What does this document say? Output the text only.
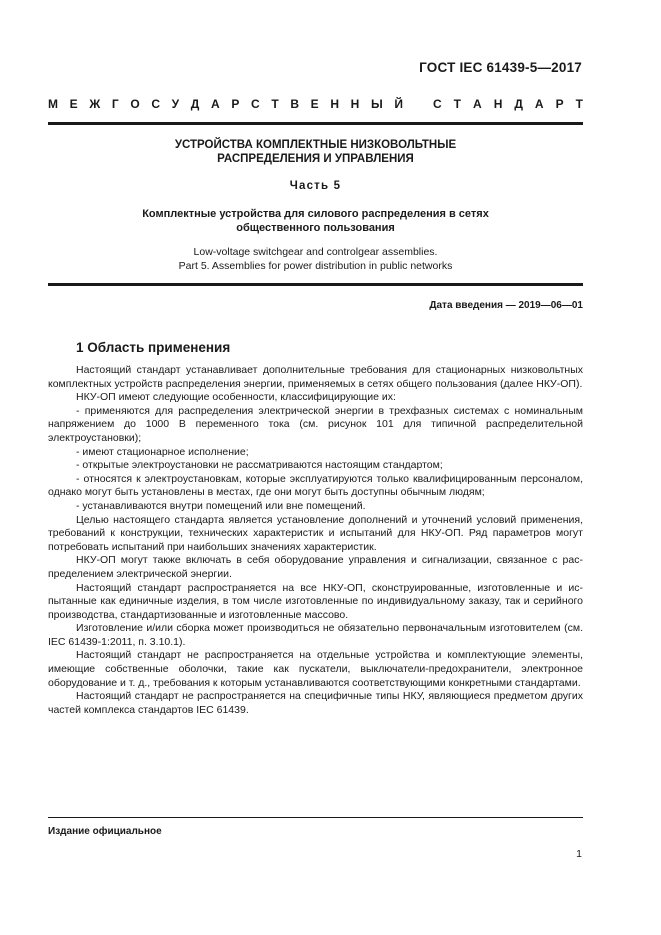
ГОСТ IEC 61439-5—2017
М Е Ж Г О С У Д А Р С Т В Е Н Н Ы Й	С Т А Н Д А Р Т
УСТРОЙСТВА КОМПЛЕКТНЫЕ НИЗКОВОЛЬТНЫЕ
РАСПРЕДЕЛЕНИЯ И УПРАВЛЕНИЯ
Часть 5
Комплектные устройства для силового распределения в сетях
общественного пользования
Low-voltage switchgear and controlgear assemblies.
Part 5. Assemblies for power distribution in public networks
Дата введения — 2019—06—01
1 Область применения

Настоящий стандарт устанавливает дополнительные требования для стационарных низковольтных комплектных устройств распределения энергии, применяемых в сетях общего пользования (далее НКУ-ОП).

НКУ-ОП имеют следующие особенности, классифицирующие их:

- применяются для распределения электрической энергии в трехфазных системах с номинальным напряжением до 1000 В переменного тока (см. рисунок 101 для типичной распределительной электроустановки);

- имеют стационарное исполнение;

- открытые электроустановки не рассматриваются настоящим стандартом;

- относятся к электроустановкам, которые эксплуатируются только квалифицированным персоналом, однако могут быть установлены в местах, где они могут быть доступны обычным людям;

- устанавливаются внутри помещений или вне помещений.

Целью настоящего стандарта является установление дополнений и уточнений условий применения, требований к конструкции, технических характеристик и испытаний для НКУ-ОП. Ряд параметров могут потребовать испытаний при наибольших значениях характеристик.

НКУ-ОП могут также включать в себя оборудование управления и сигнализации, связанное с распределением электрической энергии.

Настоящий стандарт распространяется на все НКУ-ОП, сконструированные, изготовленные и испытанные как единичные изделия, в том числе изготовленные по индивидуальному заказу, так и серийного производства, стандартизованные и изготовленные массово.

Изготовление и/или сборка может производиться не обязательно первоначальным изготовителем (см. IEC 61439-1:2011, п. 3.10.1).

Настоящий стандарт не распространяется на отдельные устройства и комплектующие элементы, имеющие собственные оболочки, такие как пускатели, выключатели-предохранители, электронное оборудование и т. д., требования к которым устанавливаются соответствующими конкретными стандартами.

Настоящий стандарт не распространяется на специфичные типы НКУ, являющиеся предметом других частей комплекса стандартов IEC 61439.

Издание официальное
1
